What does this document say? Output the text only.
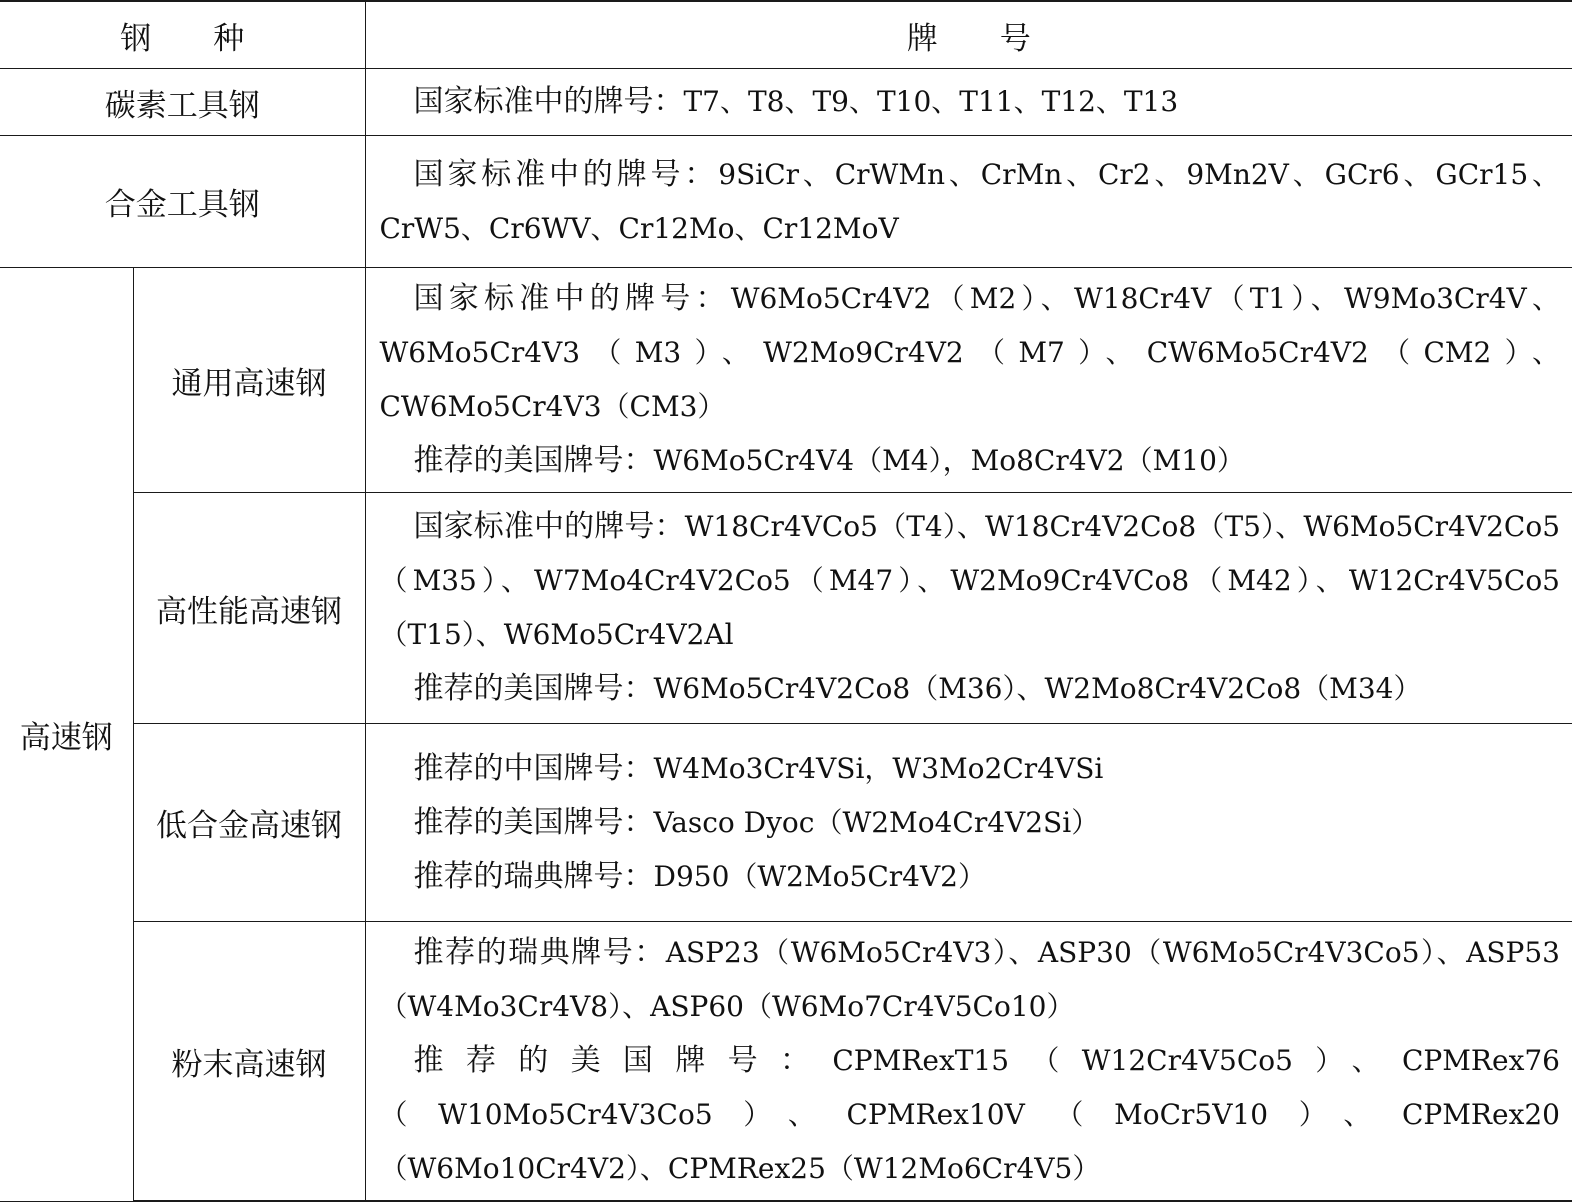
钢 种		牌 号
碳素工具钢		国家标准中的牌号：T7、T8、T9、T10、T11、T12、T13

合金工具钢		国家标准中的牌号：9SiCr、CrWMn、CrMn、Cr2、9Mn2V、GCr6、GCr15、CrW5、Cr6WV、Cr12Mo、Cr12MoV

高速钢	通用高速钢	国家标准中的牌号：W6Mo5Cr4V2（M2）、W18Cr4V（T1）、W9Mo3Cr4V、W6Mo5Cr4V3（M3）、W2Mo9Cr4V2（M7）、CW6Mo5Cr4V2（CM2）、CW6Mo5Cr4V3（CM3）

推荐的美国牌号：W6Mo5Cr4V4（M4），Mo8Cr4V2（M10）

	高性能高速钢	国家标准中的牌号：W18Cr4VCo5（T4）、W18Cr4V2Co8（T5）、W6Mo5Cr4V2Co5（M35）、W7Mo4Cr4V2Co5（M47）、W2Mo9Cr4VCo8（M42）、W12Cr4V5Co5（T15）、W6Mo5Cr4V2Al

推荐的美国牌号：W6Mo5Cr4V2Co8（M36）、W2Mo8Cr4V2Co8（M34）

	低合金高速钢	推荐的中国牌号：W4Mo3Cr4VSi，W3Mo2Cr4VSi

推荐的美国牌号：Vasco Dyoc（W2Mo4Cr4V2Si）

推荐的瑞典牌号：D950（W2Mo5Cr4V2）

	粉末高速钢	推荐的瑞典牌号：ASP23（W6Mo5Cr4V3）、ASP30（W6Mo5Cr4V3Co5）、ASP53（W4Mo3Cr4V8）、ASP60（W6Mo7Cr4V5Co10）

推荐的美国牌号：CPMRexT15（W12Cr4V5Co5）、CPMRex76（W10Mo5Cr4V3Co5）、CPMRex10V（MoCr5V10）、CPMRex20（W6Mo10Cr4V2）、CPMRex25（W12Mo6Cr4V5）
